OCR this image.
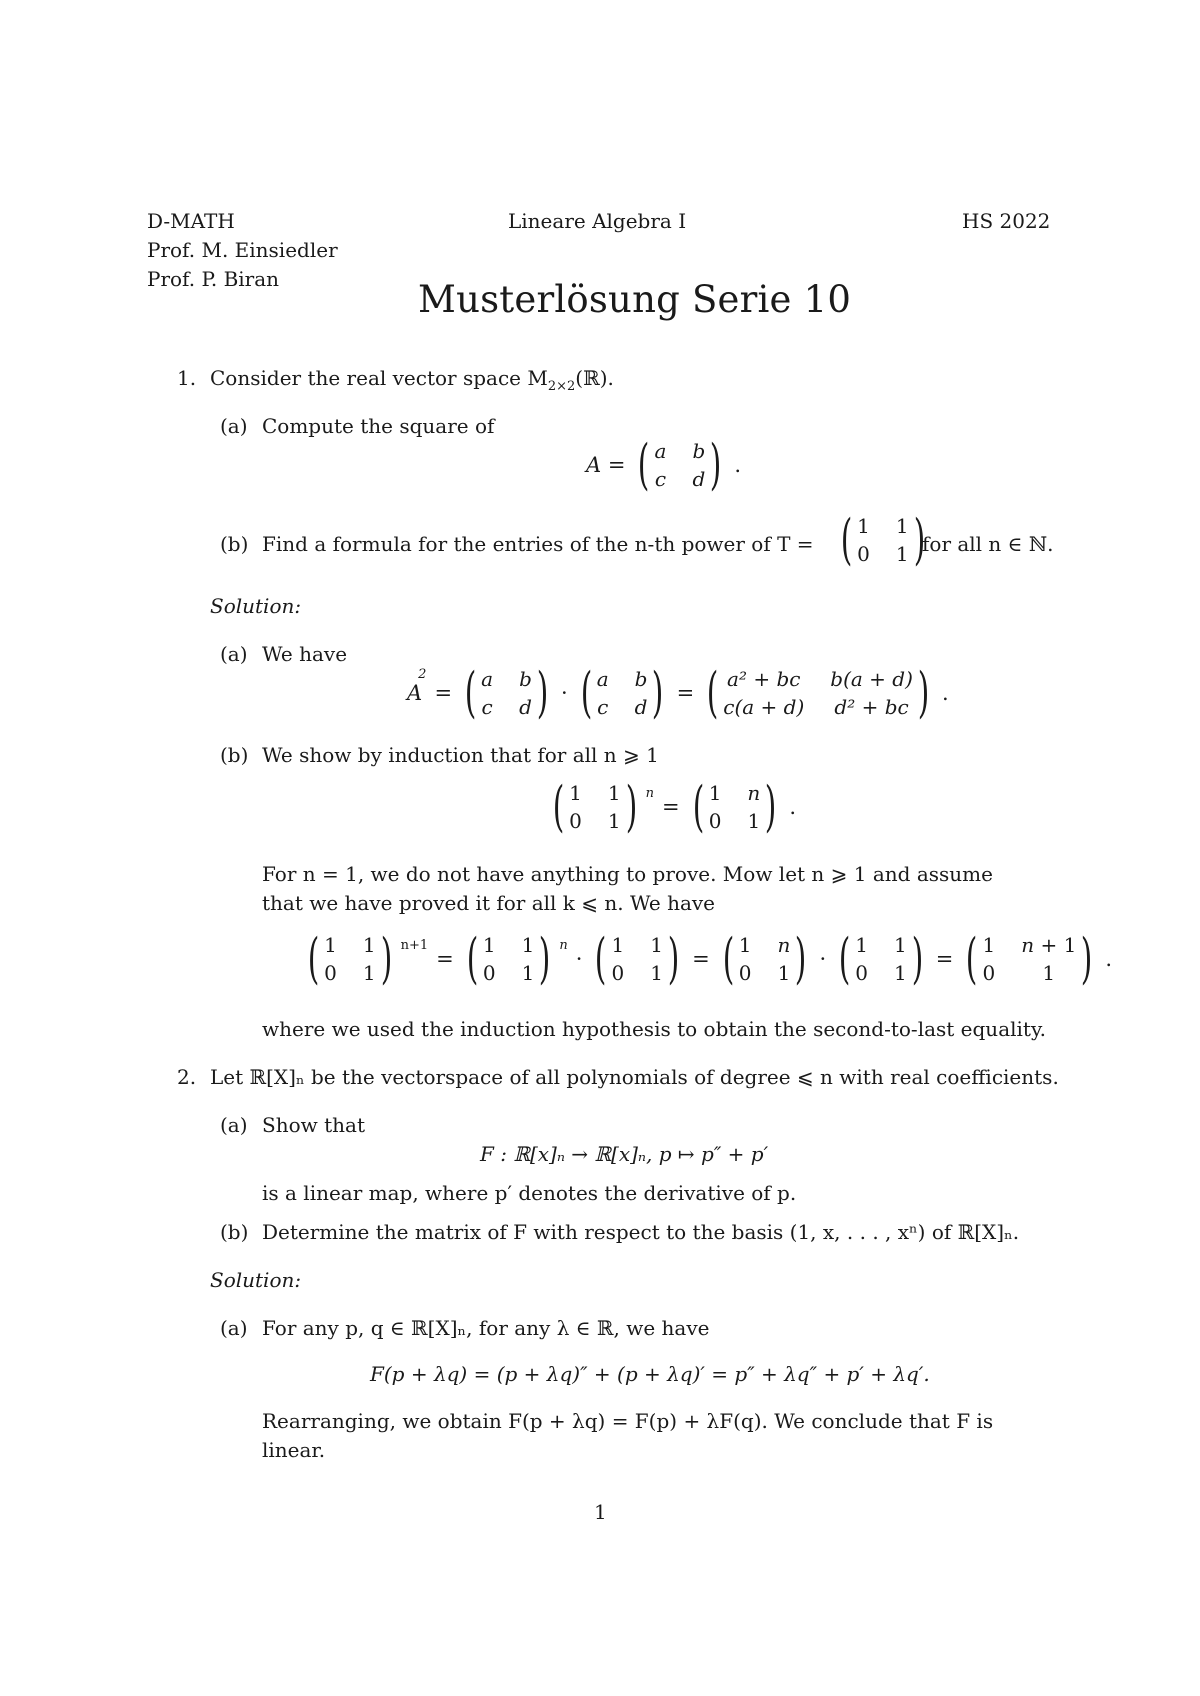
D-MATH
Prof. M. Einsiedler
Prof. P. Biran
Lineare Algebra I	HS 2022
Musterlösung Serie 10
1. Consider the real vector space $M_{2\times 2}(ℝ)$.
(a) Compute the square of
A = ( a b
c d ) .
(b) Find a formula for the entries of the n-th power of T = ( 1 1
0 1 )
for all n ∈ ℕ.
Solution:
(a) We have
$A^2$
= ( a b
c d ) · ( a b
c d ) = ( a² + bc b(a + d)
c(a + d) d² + bc ) .
(b) We show by induction that for all n ⩾ 1
( 1 1
0 1 ) n
= ( 1 n
0 1 ) .
For n = 1, we do not have anything to prove. Mow let n ⩾ 1 and assume
that we have proved it for all k ⩽ n. We have
( 1 1
0 1 ) n+1
= ( 1 1
0 1 ) n
· ( 1 1
0 1 ) = ( 1 n
0 1 ) · ( 1 1
0 1 ) = ( 1 n + 1
0	1 ) .
where we used the induction hypothesis to obtain the second-to-last equality.
2. Let ℝ[X]ₙ be the vectorspace of all polynomials of degree ⩽ n with real coefficients.
(a) Show that
F : ℝ[x]ₙ → ℝ[x]ₙ, p ↦ p″ + p′
is a linear map, where p′ denotes the derivative of p.
(b) Determine the matrix of F with respect to the basis (1, x, . . . , xⁿ) of ℝ[X]ₙ.
Solution:
(a) For any p, q ∈ ℝ[X]ₙ, for any λ ∈ ℝ, we have
F(p + λq) = (p + λq)″ + (p + λq)′ = p″ + λq″ + p′ + λq′.
Rearranging, we obtain F(p + λq) = F(p) + λF(q). We conclude that F is
linear.
1
